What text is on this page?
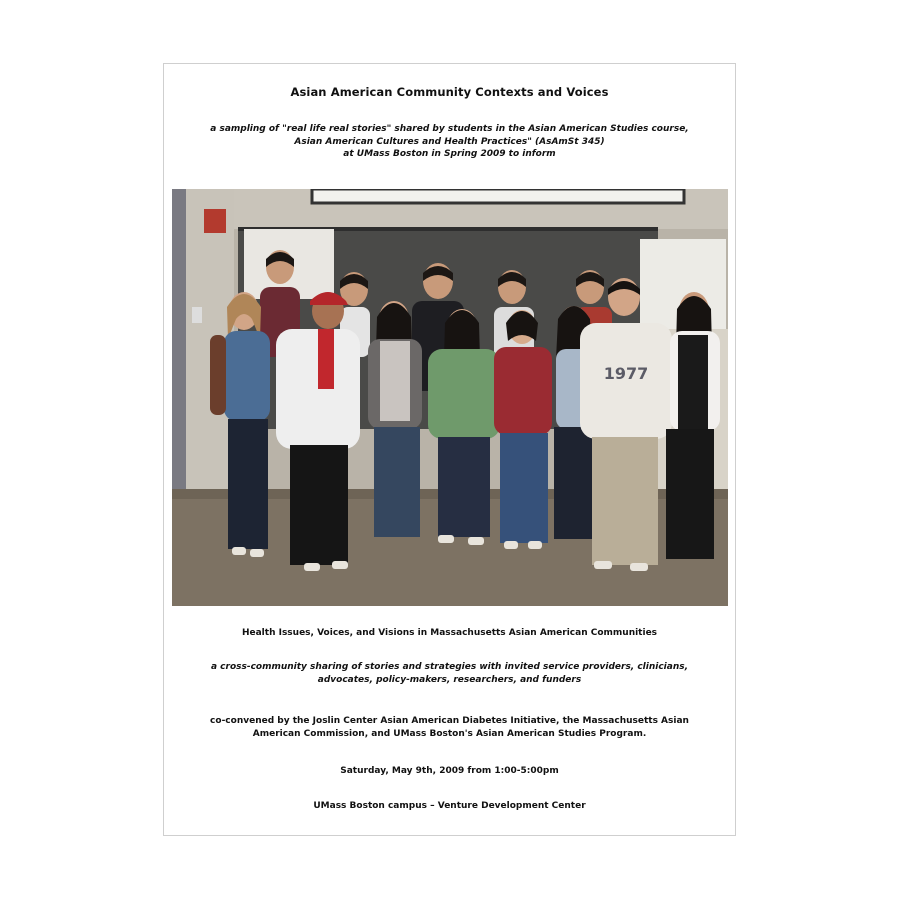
Asian American Community Contexts and Voices
a sampling of "real life real stories" shared by students in the Asian American Studies course,
Asian American Cultures and Health Practices" (AsAmSt 345)
at UMass Boston in Spring 2009 to inform
1977
Health Issues, Voices, and Visions in Massachusetts Asian American Communities
a cross-community sharing of stories and strategies with invited service providers, clinicians,
advocates, policy-makers, researchers, and funders
co-convened by the Joslin Center Asian American Diabetes Initiative, the Massachusetts Asian
American Commission, and UMass Boston's Asian American Studies Program.
Saturday, May 9th, 2009 from 1:00-5:00pm
UMass Boston campus – Venture Development Center
